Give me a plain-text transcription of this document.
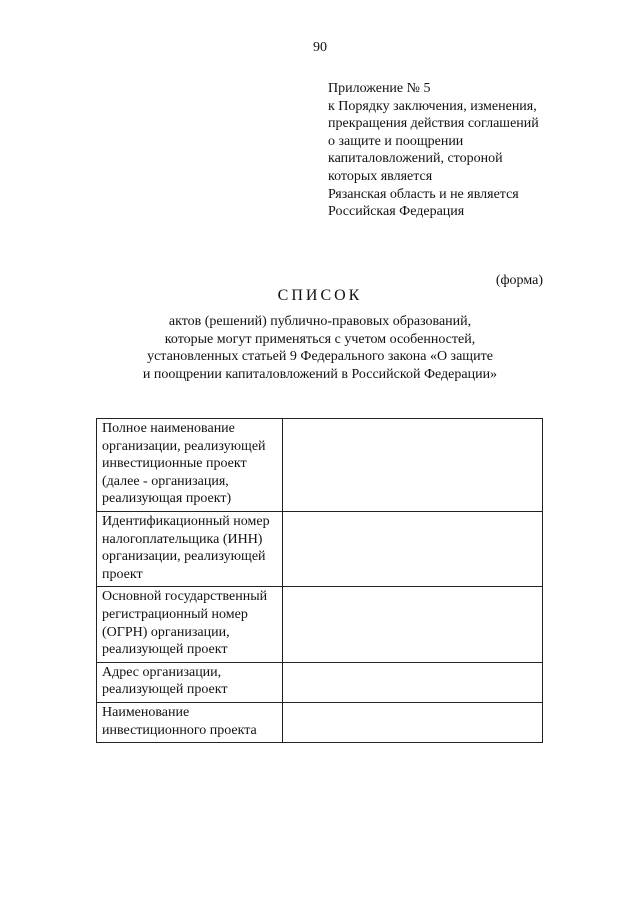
90
Приложение № 5
к Порядку заключения, изменения,
прекращения действия соглашений
о защите и поощрении
капиталовложений, стороной
которых является
Рязанская область и не является
Российская Федерация
(форма)
СПИСОК
актов (решений) публично-правовых образований,
которые могут применяться с учетом особенностей,
установленных статьей 9 Федерального закона «О защите
и поощрении капиталовложений в Российской Федерации»
Полное наименование
организации, реализующей
инвестиционные проект
(далее - организация,
реализующая проект)	

Идентификационный номер
налогоплательщика (ИНН)
организации, реализующей
проект	

Основной государственный
регистрационный номер
(ОГРН) организации,
реализующей проект	

Адрес организации,
реализующей проект	

Наименование
инвестиционного проекта	
